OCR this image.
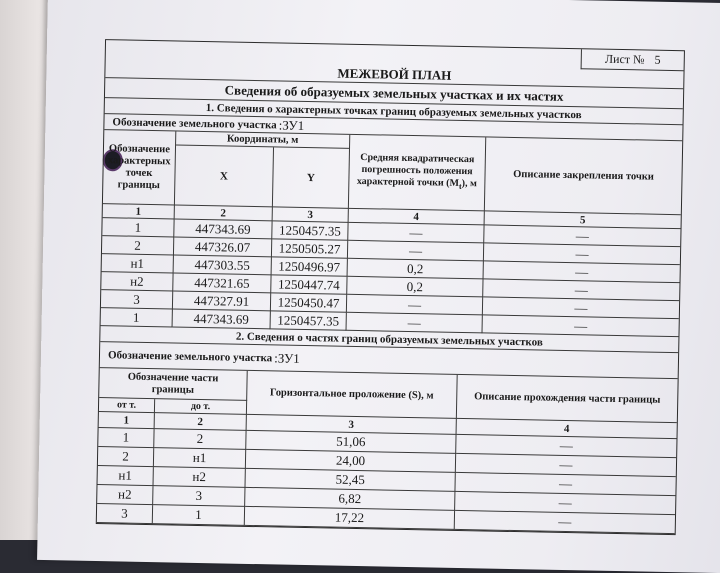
Лист № 5
МЕЖЕВОЙ ПЛАН
Сведения об образуемых земельных участках и их частях
1. Сведения о характерных точках границ образуемых земельных участков
Обозначение земельного участка :ЗУ1
Обозначение характерных точек границы
Координаты, м
Средняя квадратическая погрешность положения характерной точки $(M_t)$, м
Описание закрепления точки
X	Y
1	2	3	4	5
1	447343.69	1250457.35	—	—
2	447326.07	1250505.27	—	—
н1	447303.55	1250496.97	0,2	—
н2	447321.65	1250447.74	0,2	—
3	447327.91	1250450.47	—	—
1	447343.69	1250457.35	—	—
2. Сведения о частях границ образуемых земельных участков
Обозначение земельного участка :ЗУ1
Обозначение части границы	Горизонтальное проложение (S), м	Описание прохождения части границы
от т.	до т.
1	2	3	4
1	2	51,06	—
2	н1	24,00	—
н1	н2	52,45	—
н2	3	6,82	—
3	1	17,22	—
